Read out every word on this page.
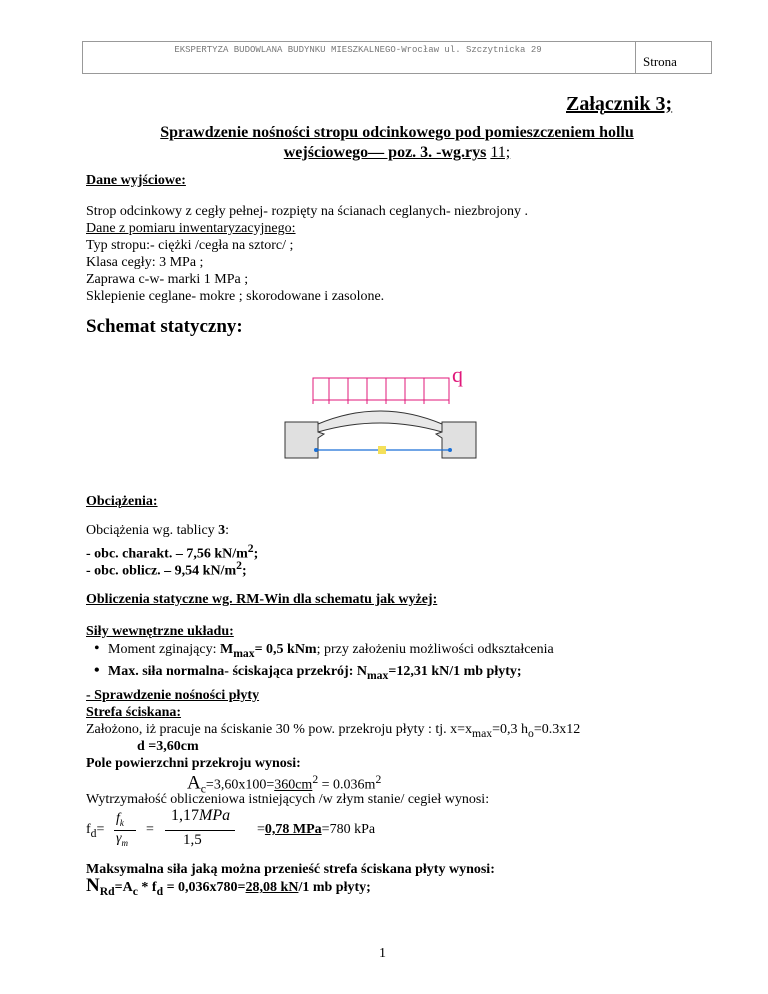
EKSPERTYZA BUDOWLANA BUDYNKU MIESZKALNEGO-Wrocław ul. Szczytnicka 29
Strona
Załącznik 3;
Sprawdzenie nośności stropu odcinkowego pod pomieszczeniem hollu
wejściowego— poz. 3. -wg.rys 11;
Dane wyjściowe:
Strop odcinkowy z cegły pełnej- rozpięty na ścianach ceglanych- niezbrojony .
Dane z pomiaru inwentaryzacyjnego:
Typ stropu:- ciężki /cegła na sztorc/ ;
Klasa cegły: 3 MPa ;
Zaprawa c-w- marki 1 MPa ;
Sklepienie ceglane- mokre ; skorodowane i zasolone.
Schemat statyczny:
q
Obciążenia:
Obciążenia wg. tablicy 3:
- obc. charakt. – 7,56 $kN/m^2$;
- obc. oblicz. – 9,54 $kN/m^2$;
Obliczenia statyczne wg. RM-Win dla schematu jak wyżej:
Siły wewnętrzne układu:
• Moment zginający: $M_{max}= 0,5$ kNm; przy założeniu możliwości odkształcenia
• Max. siła normalna- ściskająca przekrój: $N_{max}=12,31$ kN/1 mb płyty;
- Sprawdzenie nośności płyty
Strefa ściskana:
Założono, iż pracuje na ściskanie 30 % pow. przekroju płyty : tj. $x=x_{max}=0,3$ $h_o=0.3x12$
d =3,60cm
Pole powierzchni przekroju wynosi:
$A_c=3,60x100=360cm^2 = 0.036m^2$
Wytrzymałość obliczeniowa istniejących /w złym stanie/ cegieł wynosi:
$f_d=$
$f_k$
$\gamma_m$
=
1,17MPa
1,5
=0,78 MPa=780 kPa
Maksymalna siła jaką można przenieść strefa ściskana płyty wynosi:
$N_{Rd}=A_c * f_d = 0,036x780=28,08$ kN/1 mb płyty;
1
